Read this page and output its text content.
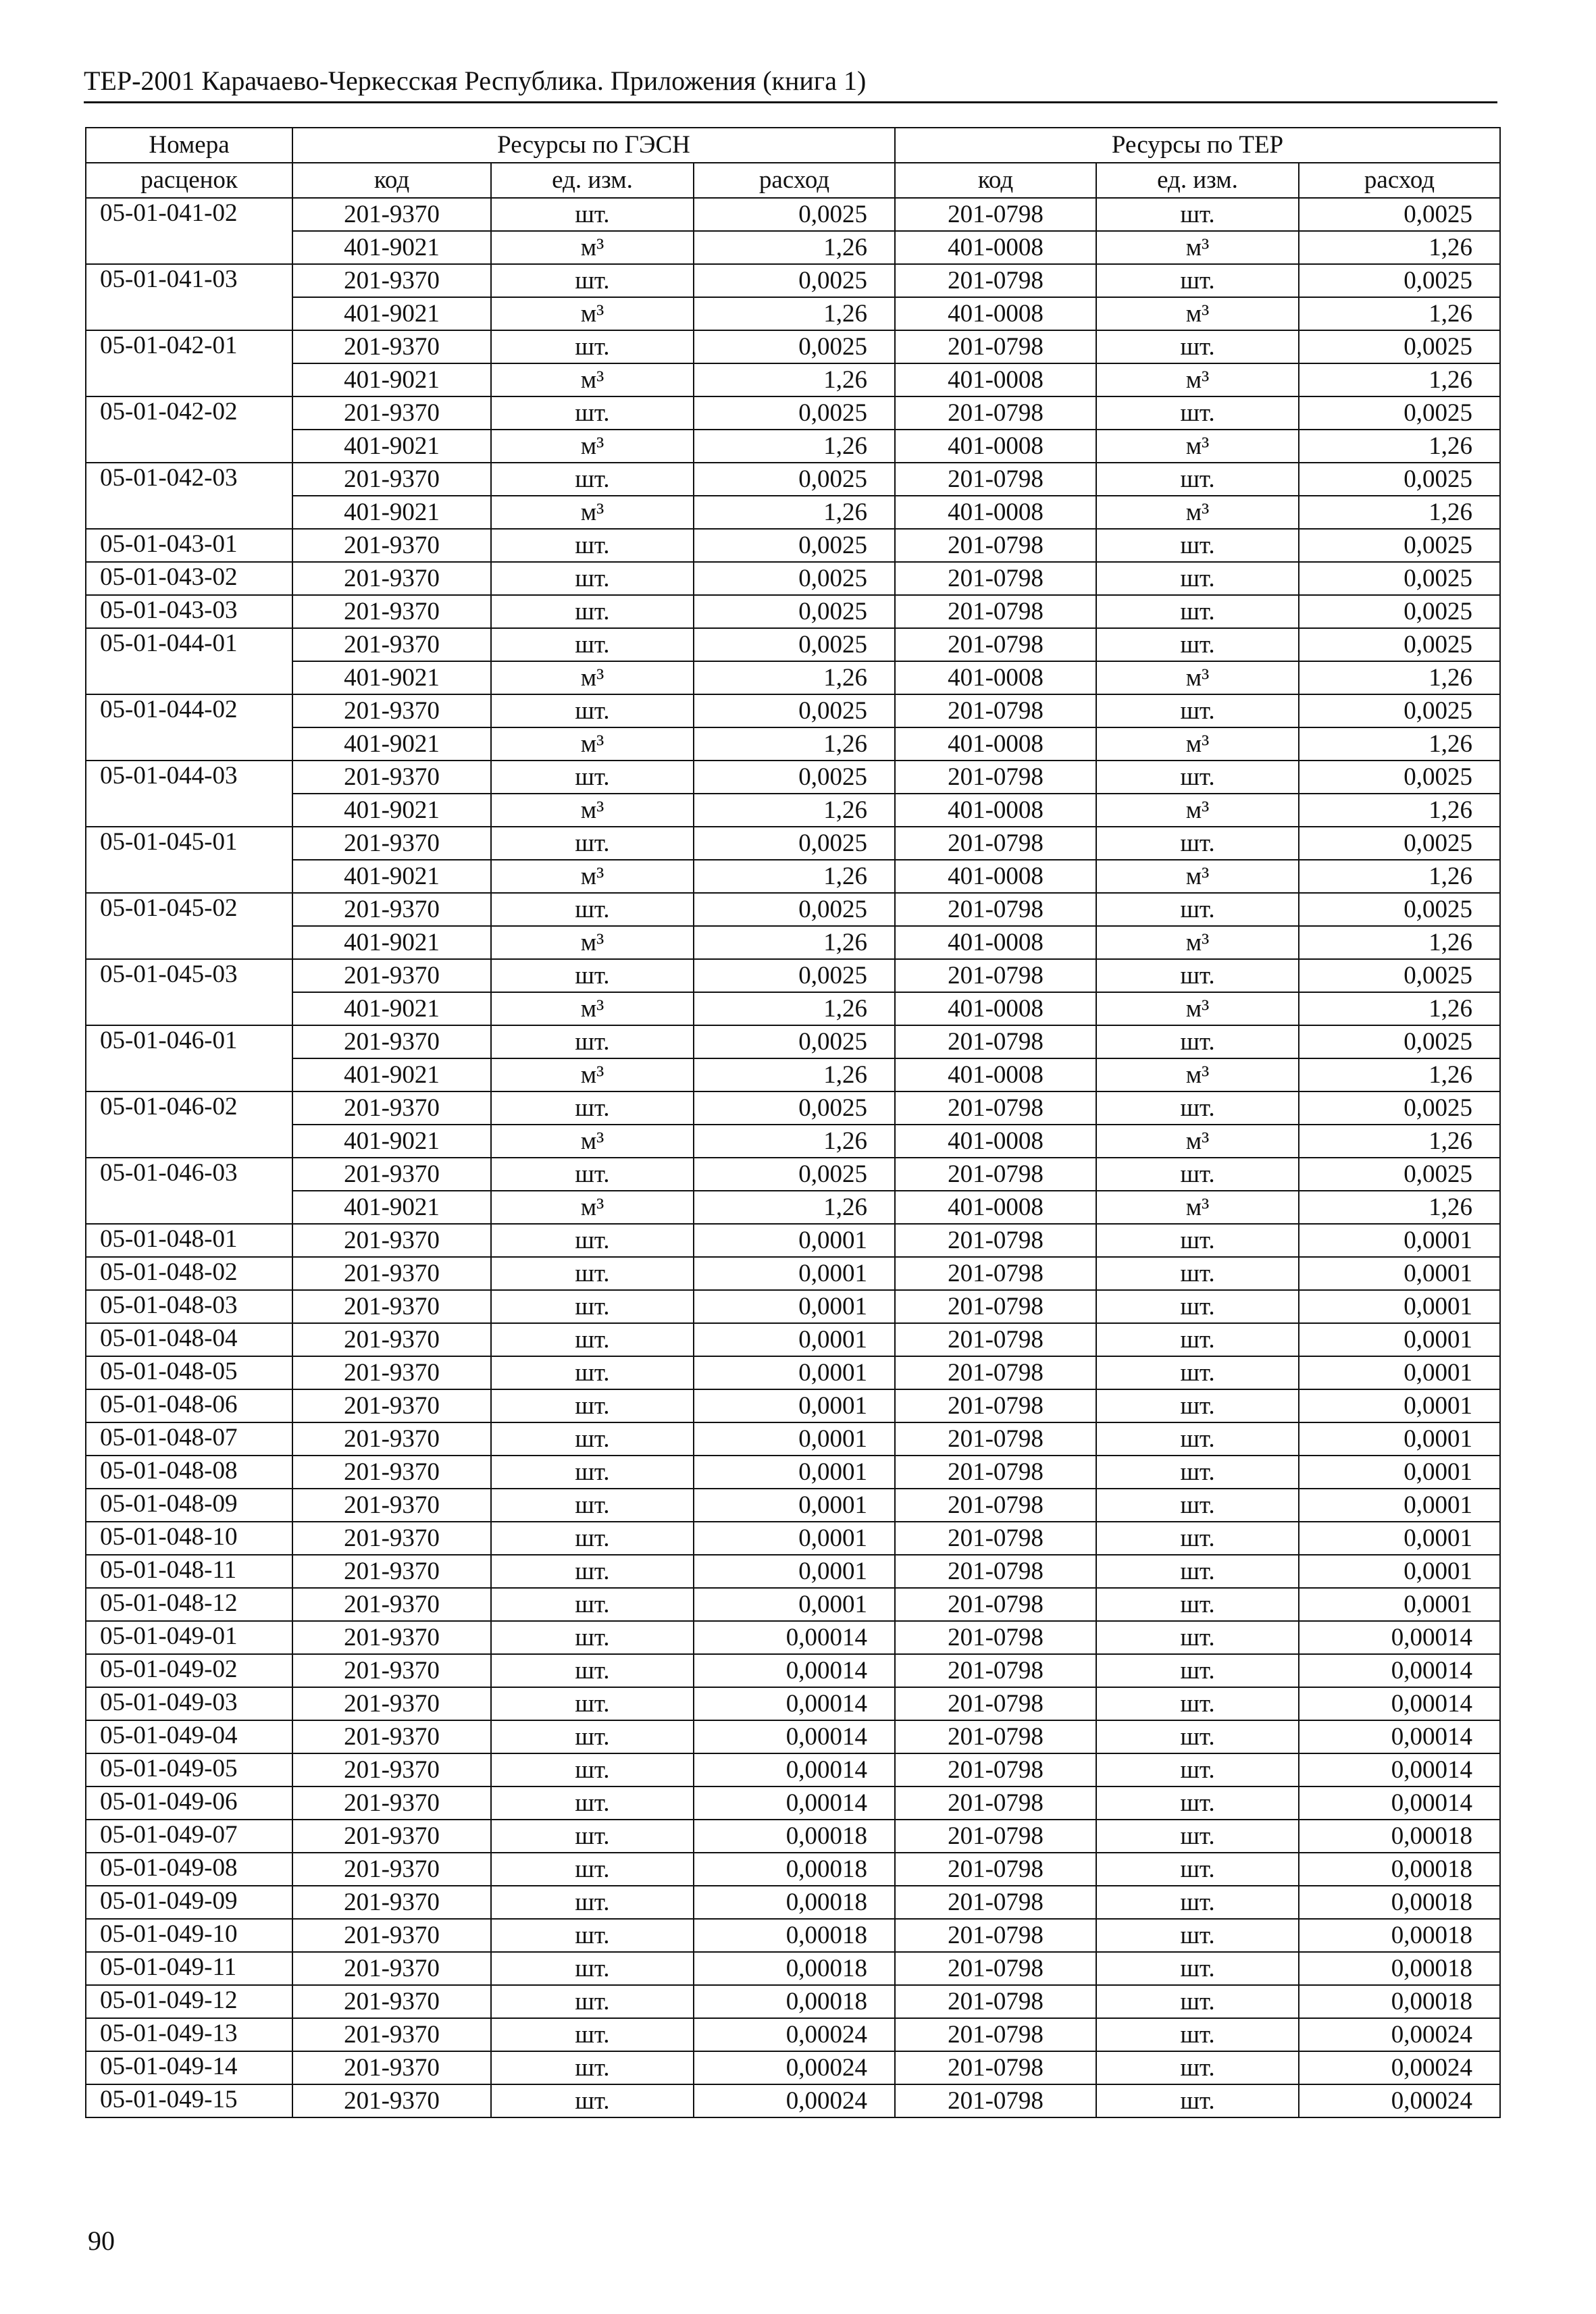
ТЕР-2001 Карачаево-Черкесская Республика. Приложения (книга 1)
Номера	Ресурсы по ГЭСН			Ресурсы по ТЕР		
расценок	код	ед. изм.	расход	код	ед. изм.	расход
05-01-041-02	201-9370	шт.	0,0025	201-0798	шт.	0,0025
	401-9021	м³	1,26	401-0008	м³	1,26
05-01-041-03	201-9370	шт.	0,0025	201-0798	шт.	0,0025
	401-9021	м³	1,26	401-0008	м³	1,26
05-01-042-01	201-9370	шт.	0,0025	201-0798	шт.	0,0025
	401-9021	м³	1,26	401-0008	м³	1,26
05-01-042-02	201-9370	шт.	0,0025	201-0798	шт.	0,0025
	401-9021	м³	1,26	401-0008	м³	1,26
05-01-042-03	201-9370	шт.	0,0025	201-0798	шт.	0,0025
	401-9021	м³	1,26	401-0008	м³	1,26
05-01-043-01	201-9370	шт.	0,0025	201-0798	шт.	0,0025
05-01-043-02	201-9370	шт.	0,0025	201-0798	шт.	0,0025
05-01-043-03	201-9370	шт.	0,0025	201-0798	шт.	0,0025
05-01-044-01	201-9370	шт.	0,0025	201-0798	шт.	0,0025
	401-9021	м³	1,26	401-0008	м³	1,26
05-01-044-02	201-9370	шт.	0,0025	201-0798	шт.	0,0025
	401-9021	м³	1,26	401-0008	м³	1,26
05-01-044-03	201-9370	шт.	0,0025	201-0798	шт.	0,0025
	401-9021	м³	1,26	401-0008	м³	1,26
05-01-045-01	201-9370	шт.	0,0025	201-0798	шт.	0,0025
	401-9021	м³	1,26	401-0008	м³	1,26
05-01-045-02	201-9370	шт.	0,0025	201-0798	шт.	0,0025
	401-9021	м³	1,26	401-0008	м³	1,26
05-01-045-03	201-9370	шт.	0,0025	201-0798	шт.	0,0025
	401-9021	м³	1,26	401-0008	м³	1,26
05-01-046-01	201-9370	шт.	0,0025	201-0798	шт.	0,0025
	401-9021	м³	1,26	401-0008	м³	1,26
05-01-046-02	201-9370	шт.	0,0025	201-0798	шт.	0,0025
	401-9021	м³	1,26	401-0008	м³	1,26
05-01-046-03	201-9370	шт.	0,0025	201-0798	шт.	0,0025
	401-9021	м³	1,26	401-0008	м³	1,26
05-01-048-01	201-9370	шт.	0,0001	201-0798	шт.	0,0001
05-01-048-02	201-9370	шт.	0,0001	201-0798	шт.	0,0001
05-01-048-03	201-9370	шт.	0,0001	201-0798	шт.	0,0001
05-01-048-04	201-9370	шт.	0,0001	201-0798	шт.	0,0001
05-01-048-05	201-9370	шт.	0,0001	201-0798	шт.	0,0001
05-01-048-06	201-9370	шт.	0,0001	201-0798	шт.	0,0001
05-01-048-07	201-9370	шт.	0,0001	201-0798	шт.	0,0001
05-01-048-08	201-9370	шт.	0,0001	201-0798	шт.	0,0001
05-01-048-09	201-9370	шт.	0,0001	201-0798	шт.	0,0001
05-01-048-10	201-9370	шт.	0,0001	201-0798	шт.	0,0001
05-01-048-11	201-9370	шт.	0,0001	201-0798	шт.	0,0001
05-01-048-12	201-9370	шт.	0,0001	201-0798	шт.	0,0001
05-01-049-01	201-9370	шт.	0,00014	201-0798	шт.	0,00014
05-01-049-02	201-9370	шт.	0,00014	201-0798	шт.	0,00014
05-01-049-03	201-9370	шт.	0,00014	201-0798	шт.	0,00014
05-01-049-04	201-9370	шт.	0,00014	201-0798	шт.	0,00014
05-01-049-05	201-9370	шт.	0,00014	201-0798	шт.	0,00014
05-01-049-06	201-9370	шт.	0,00014	201-0798	шт.	0,00014
05-01-049-07	201-9370	шт.	0,00018	201-0798	шт.	0,00018
05-01-049-08	201-9370	шт.	0,00018	201-0798	шт.	0,00018
05-01-049-09	201-9370	шт.	0,00018	201-0798	шт.	0,00018
05-01-049-10	201-9370	шт.	0,00018	201-0798	шт.	0,00018
05-01-049-11	201-9370	шт.	0,00018	201-0798	шт.	0,00018
05-01-049-12	201-9370	шт.	0,00018	201-0798	шт.	0,00018
05-01-049-13	201-9370	шт.	0,00024	201-0798	шт.	0,00024
05-01-049-14	201-9370	шт.	0,00024	201-0798	шт.	0,00024
05-01-049-15	201-9370	шт.	0,00024	201-0798	шт.	0,00024
90
